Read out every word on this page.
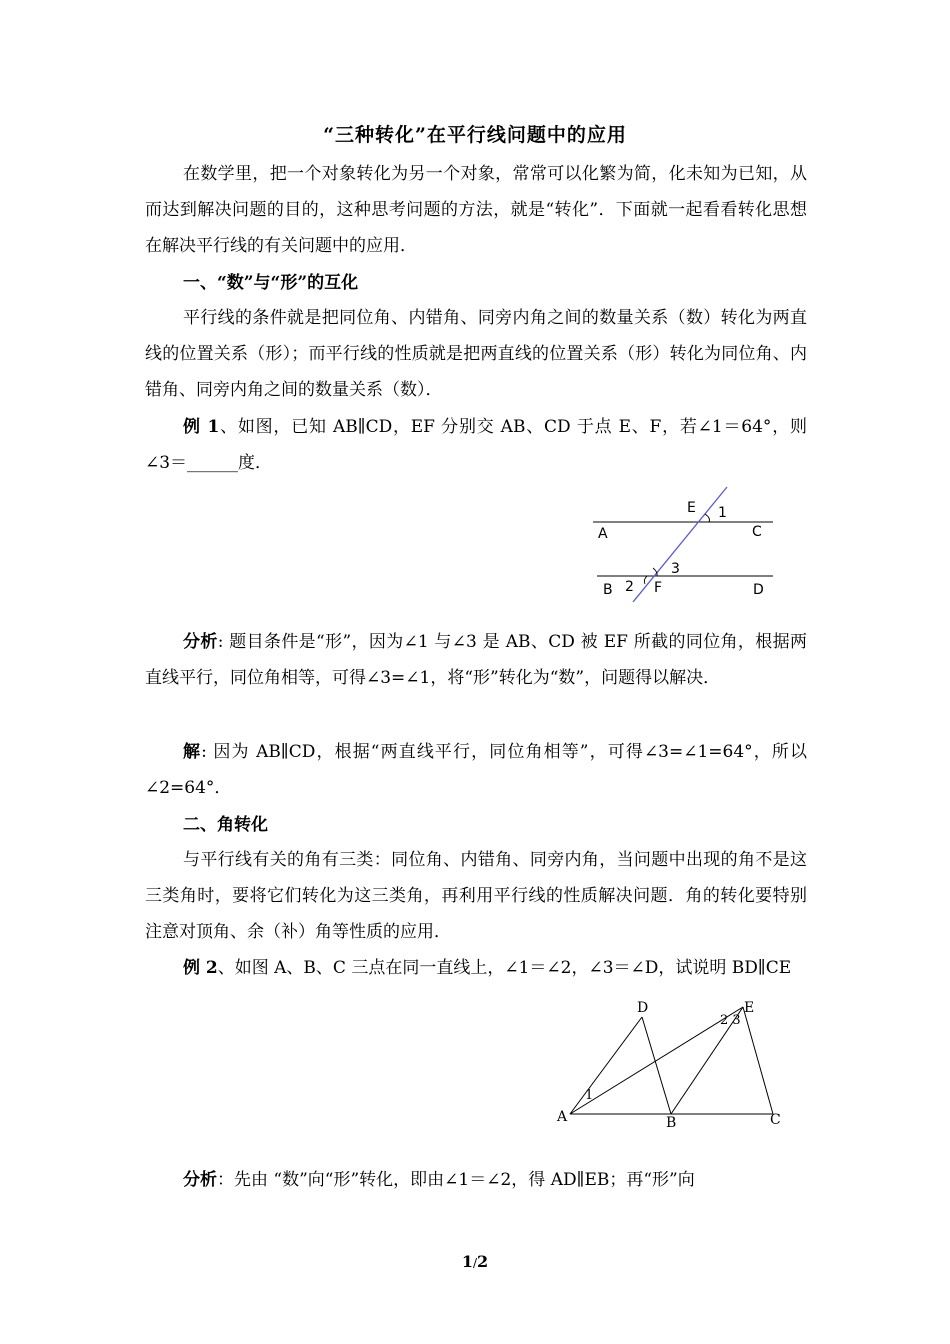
“三种转化”在平行线问题中的应用

在数学里，把一个对象转化为另一个对象，常常可以化繁为简，化未知为已知，从而达到解决问题的目的，这种思考问题的方法，就是“转化”．下面就一起看看转化思想在解决平行线的有关问题中的应用．

一、“数”与“形”的互化

平行线的条件就是把同位角、内错角、同旁内角之间的数量关系（数）转化为两直线的位置关系（形）；而平行线的性质就是把两直线的位置关系（形）转化为同位角、内错角、同旁内角之间的数量关系（数）．

例 1、如图，已知 AB∥CD，EF 分别交 AB、CD 于点 E、F，若∠1＝64°，则∠3＝______度．

E 1
C
A
3
B 2 F	D

分析: 题目条件是“形”，因为∠1 与∠3 是 AB、CD 被 EF 所截的同位角，根据两直线平行，同位角相等，可得∠3=∠1，将“形”转化为“数”，问题得以解决．

解: 因为 AB∥CD，根据“两直线平行，同位角相等”，可得∠3=∠1=64°，所以∠2=64°．

二、角转化

与平行线有关的角有三类：同位角、内错角、同旁内角，当问题中出现的角不是这三类角时，要将它们转化为这三类角，再利用平行线的性质解决问题．角的转化要特别注意对顶角、余（补）角等性质的应用．

例 2、如图 A、B、C 三点在同一直线上，∠1＝∠2，∠3＝∠D，试说明 BD∥CE

D	E
2 3
1
A	B	C

分析：先由 “数”向“形”转化，即由∠1＝∠2，得 AD∥EB；再“形”向

1/2
